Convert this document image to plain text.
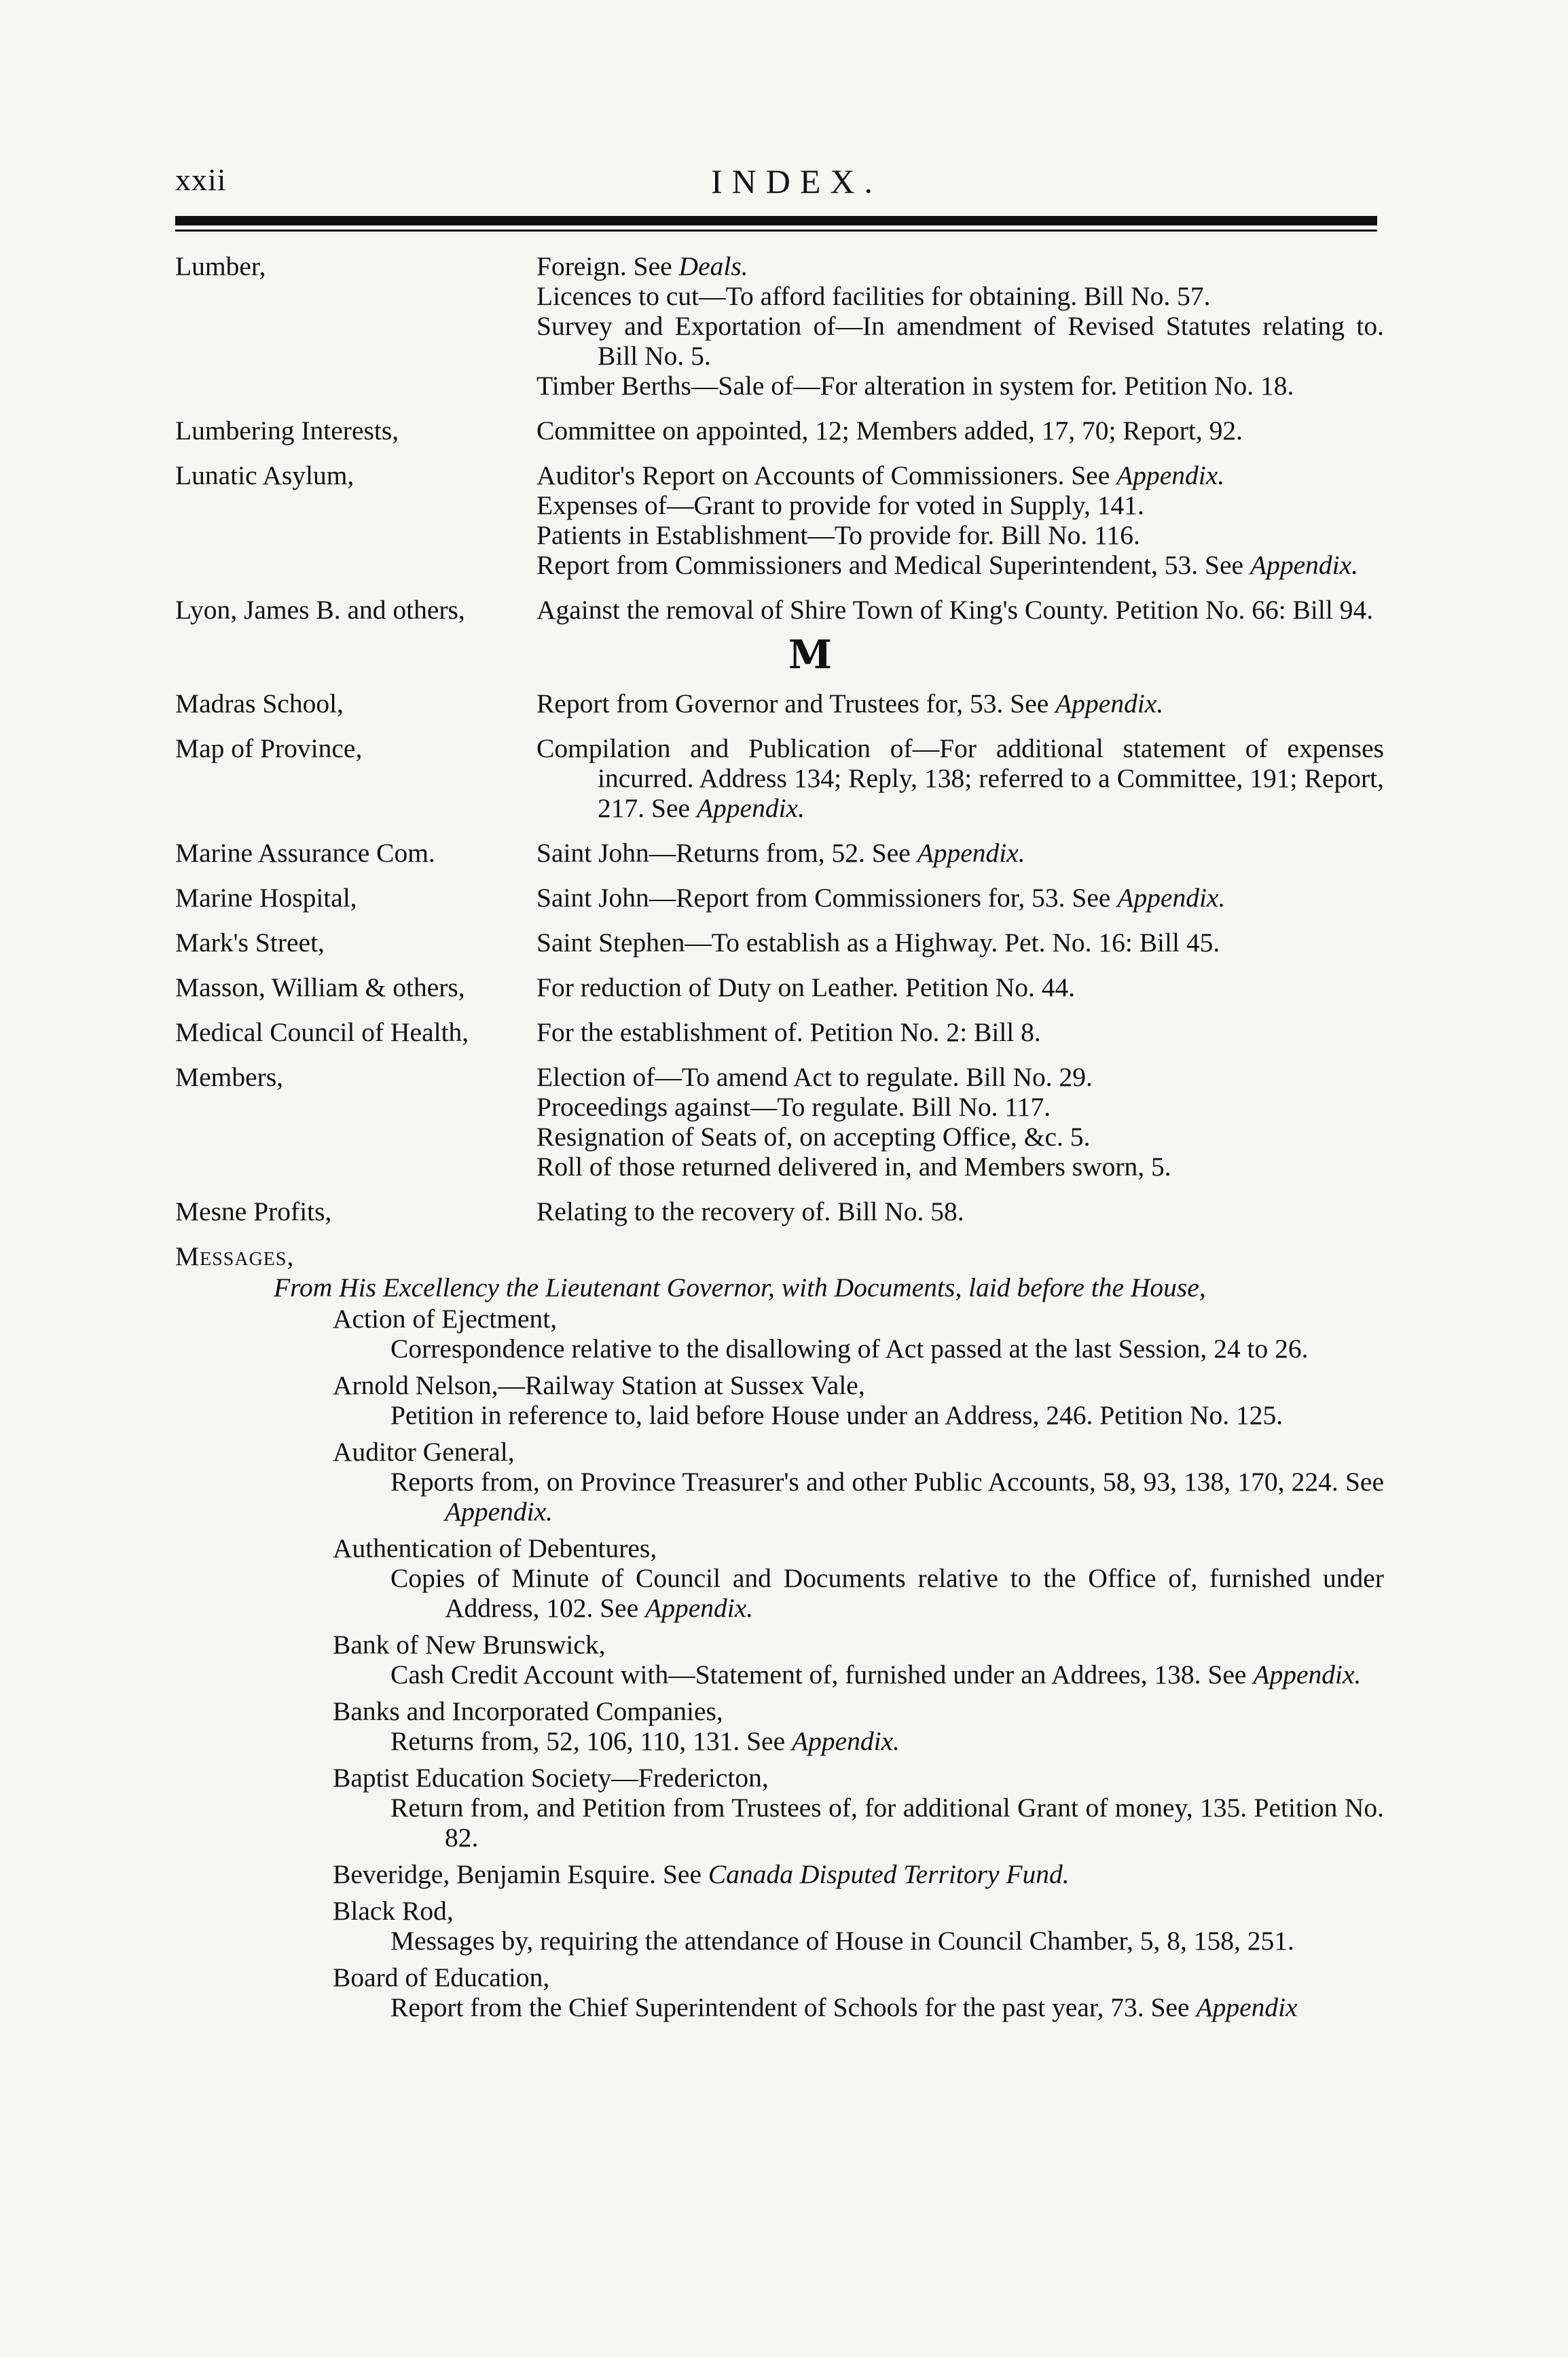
xxii	INDEX.
Lumber,	Foreign. See Deals.
Licences to cut—To afford facilities for obtaining. Bill No. 57.
Survey and Exportation of—In amendment of Revised Statutes relating to. Bill No. 5.
Timber Berths—Sale of—For alteration in system for. Petition No. 18.
Lumbering Interests,	Committee on appointed, 12; Members added, 17, 70; Report, 92.
Lunatic Asylum,	Auditor's Report on Accounts of Commissioners. See Appendix.
Expenses of—Grant to provide for voted in Supply, 141.
Patients in Establishment—To provide for. Bill No. 116.
Report from Commissioners and Medical Superintendent, 53. See Appendix.
Lyon, James B. and others,	Against the removal of Shire Town of King's County. Petition No. 66: Bill 94.
M
Madras School,	Report from Governor and Trustees for, 53. See Appendix.
Map of Province,	Compilation and Publication of—For additional statement of expenses incurred. Address 134; Reply, 138; referred to a Committee, 191; Report, 217. See Appendix.
Marine Assurance Com.	Saint John—Returns from, 52. See Appendix.
Marine Hospital,	Saint John—Report from Commissioners for, 53. See Appendix.
Mark's Street,	Saint Stephen—To establish as a Highway. Pet. No. 16: Bill 45.
Masson, William & others,	For reduction of Duty on Leather. Petition No. 44.
Medical Council of Health,	For the establishment of. Petition No. 2: Bill 8.
Members,	Election of—To amend Act to regulate. Bill No. 29.
Proceedings against—To regulate. Bill No. 117.
Resignation of Seats of, on accepting Office, &c. 5.
Roll of those returned delivered in, and Members sworn, 5.
Mesne Profits,	Relating to the recovery of. Bill No. 58.
Messages,
From His Excellency the Lieutenant Governor, with Documents, laid before the House,
Action of Ejectment,
Correspondence relative to the disallowing of Act passed at the last Session, 24 to 26.
Arnold Nelson,—Railway Station at Sussex Vale,
Petition in reference to, laid before House under an Address, 246. Petition No. 125.
Auditor General,
Reports from, on Province Treasurer's and other Public Accounts, 58, 93, 138, 170, 224. See Appendix.
Authentication of Debentures,
Copies of Minute of Council and Documents relative to the Office of, furnished under Address, 102. See Appendix.
Bank of New Brunswick,
Cash Credit Account with—Statement of, furnished under an Addrees, 138. See Appendix.
Banks and Incorporated Companies,
Returns from, 52, 106, 110, 131. See Appendix.
Baptist Education Society—Fredericton,
Return from, and Petition from Trustees of, for additional Grant of money, 135. Petition No. 82.
Beveridge, Benjamin Esquire. See Canada Disputed Territory Fund.
Black Rod,
Messages by, requiring the attendance of House in Council Chamber, 5, 8, 158, 251.
Board of Education,
Report from the Chief Superintendent of Schools for the past year, 73. See Appendix
